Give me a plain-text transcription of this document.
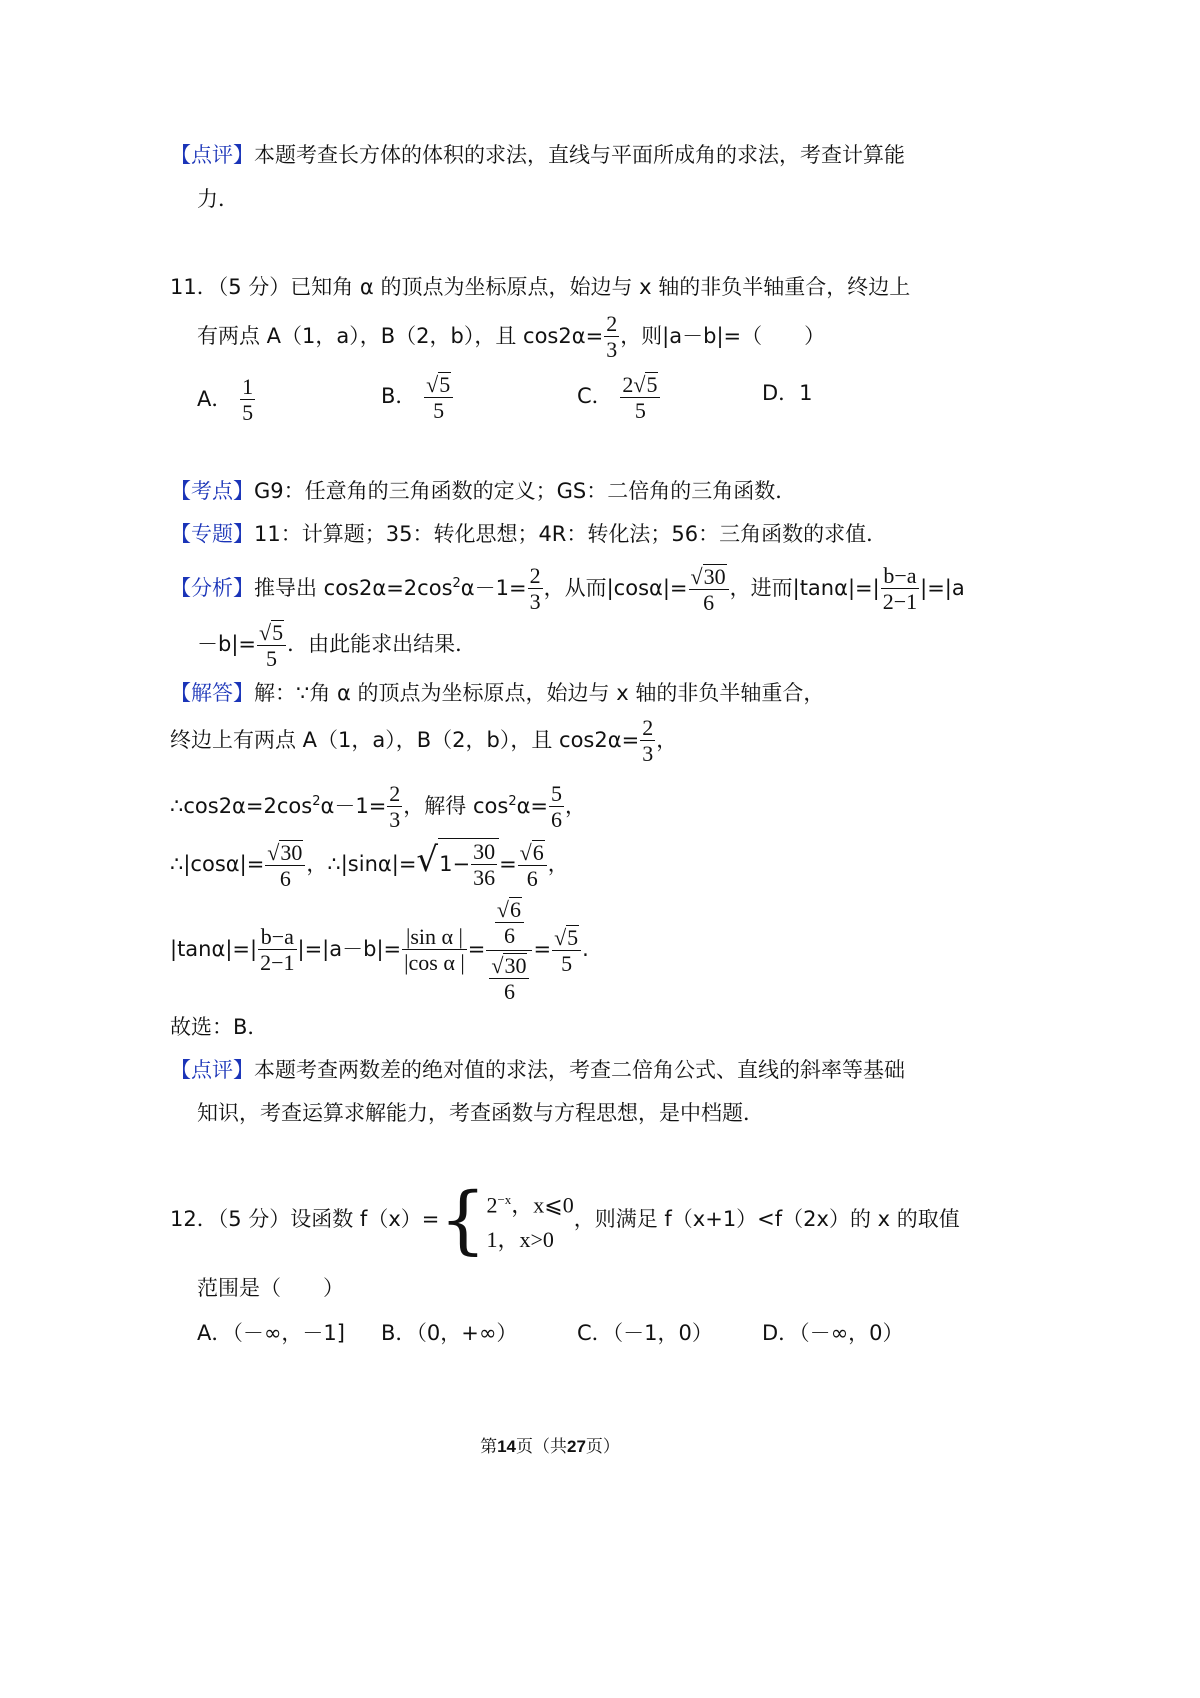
【点评】本题考查长方体的体积的求法，直线与平面所成角的求法，考查计算能
力．
11．（5 分）已知角 α 的顶点为坐标原点，始边与 x 轴的非负半轴重合，终边上
有两点 A（1，a），B（2，b），且 $\cos 2\alpha= \frac{2}{3}$ ，则|a－b|=（　　）
A． $\frac{1}{5}$	B． $\frac{√5}{5}$	C． $\frac{2√5}{5}$	D．1
【考点】G9：任意角的三角函数的定义；GS：二倍角的三角函数．
【专题】11：计算题；35：转化思想；4R：转化法；56：三角函数的求值．
【分析】推导出 $\cos 2\alpha=2\cos^2\alpha-1= \frac{2}{3}$ ，从而$|\cos\alpha|= \frac{√30}{6}$ ，进而$|\tan\alpha|=| \frac{b-a}{2-1} |=|a$
$-b|= \frac{√5}{5}$ ．由此能求出结果．
【解答】解：∵角 α 的顶点为坐标原点，始边与 x 轴的非负半轴重合，
终边上有两点 A（1，a），B（2，b），且 $\cos 2\alpha= \frac{2}{3}$ ，
$\therefore\cos 2\alpha=2\cos^2\alpha-1= \frac{2}{3}$ ，解得 $\cos^2\alpha= \frac{5}{6}$ ，
∴|cosα|= $\frac{√30}{6}$ ，∴|sinα|=√1− $\frac{30}{36} = \frac{√6}{6}$ ，
$|\tan\alpha|=| \frac{b-a}{2-1} |=|a-b|= \frac{\text{|sin α |}}{\text{|cos α |}} = \frac{\frac{√6}{6}}{\frac{√30}{6}} = \frac{√5}{5}$ .
故选：B．
【点评】本题考查两数差的绝对值的求法，考查二倍角公式、直线的斜率等基础
知识，考查运算求解能力，考查函数与方程思想，是中档题．
12．（5 分）设函数 f（x）={ $2^{-x}$，x⩽0
1，x>0
，则满足 f（x+1）<f（2x）的 x 的取值
范围是（　　）
A．（－∞，－1] B．（0，+∞）	C．（－1，0） D．（－∞，0）
第14页（共27页）
